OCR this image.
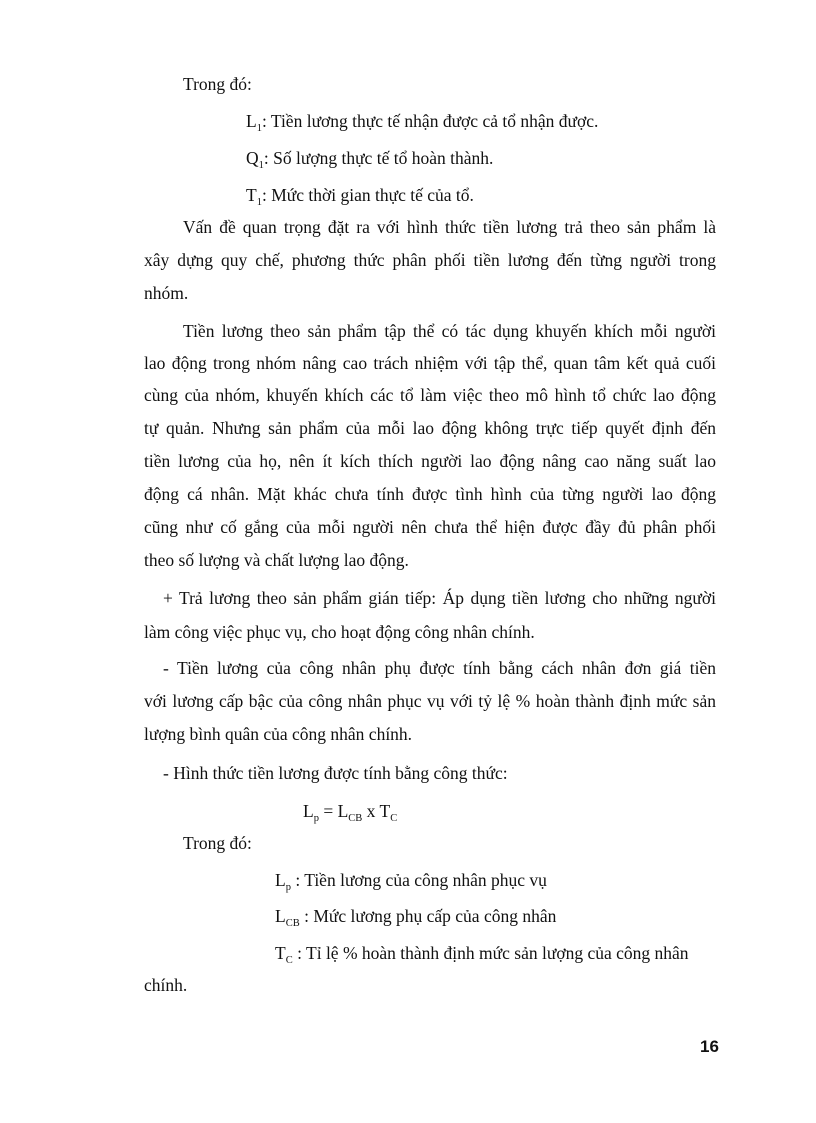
Trong đó:

$L_1$: Tiền lương thực tế nhận được cả tổ nhận được.

$Q_1$: Số lượng thực tế tổ hoàn thành.

$T_1$: Mức thời gian thực tế của tổ.

Vấn đề quan trọng đặt ra với hình thức tiền lương trả theo sản phẩm là

xây dựng quy chế, phương thức phân phối tiền lương đến từng người trong

nhóm.

Tiền lương theo sản phẩm tập thể có tác dụng khuyến khích mỗi người

lao động trong nhóm nâng cao trách nhiệm với tập thể, quan tâm kết quả cuối

cùng của nhóm, khuyến khích các tổ làm việc theo mô hình tổ chức lao động

tự quản. Nhưng sản phẩm của mỗi lao động không trực tiếp quyết định đến

tiền lương của họ, nên ít kích thích người lao động nâng cao năng suất lao

động cá nhân. Mặt khác chưa tính được tình hình của từng người lao động

cũng như cố gắng của mỗi người nên chưa thể hiện được đầy đủ phân phối

theo số lượng và chất lượng lao động.

+ Trả lương theo sản phẩm gián tiếp: Áp dụng tiền lương cho những người

làm công việc phục vụ, cho hoạt động công nhân chính.

- Tiền lương của công nhân phụ được tính bằng cách nhân đơn giá tiền

với lương cấp bậc của công nhân phục vụ với tỷ lệ % hoàn thành định mức sản

lượng bình quân của công nhân chính.

- Hình thức tiền lương được tính bằng công thức:

$L_p = L_{CB}$ x $T_C$

Trong đó:

$L_p$ : Tiền lương của công nhân phục vụ

$L_{CB}$ : Mức lương phụ cấp của công nhân

$T_C$ : Tỉ lệ % hoàn thành định mức sản lượng của công nhân

chính.

16
